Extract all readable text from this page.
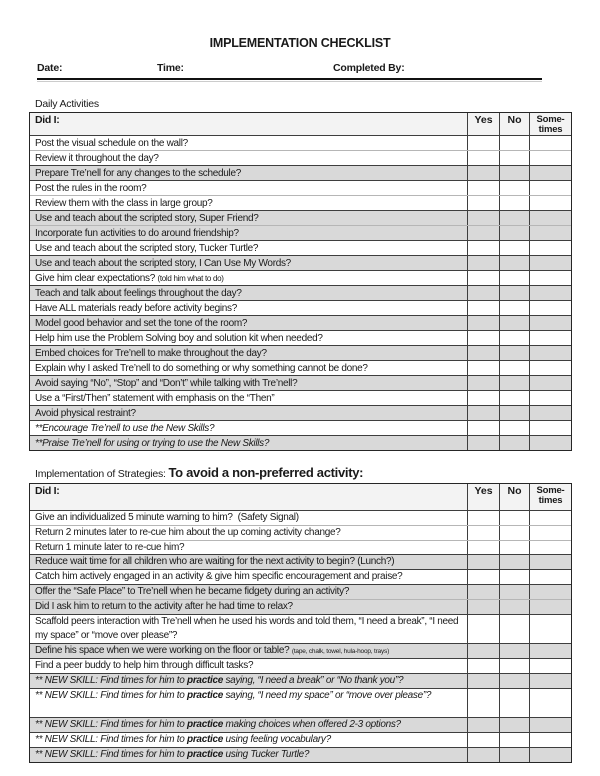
IMPLEMENTATION CHECKLIST
Date:	Time:	Completed By:
Daily Activities
Did I:	Yes	No	Some-
times
Post the visual schedule on the wall?
Review it throughout the day?
Prepare Tre’nell for any changes to the schedule?
Post the rules in the room?
Review them with the class in large group?
Use and teach about the scripted story, Super Friend?
Incorporate fun activities to do around friendship?
Use and teach about the scripted story, Tucker Turtle?
Use and teach about the scripted story, I Can Use My Words?
Give him clear expectations? (told him what to do)
Teach and talk about feelings throughout the day?
Have ALL materials ready before activity begins?
Model good behavior and set the tone of the room?
Help him use the Problem Solving boy and solution kit when needed?
Embed choices for Tre’nell to make throughout the day?
Explain why I asked Tre’nell to do something or why something cannot be done?
Avoid saying “No”, “Stop” and “Don’t” while talking with Tre’nell?
Use a “First/Then” statement with emphasis on the “Then”
Avoid physical restraint?
**Encourage Tre’nell to use the New Skills?
**Praise Tre’nell for using or trying to use the New Skills?
Implementation of Strategies: To avoid a non-preferred activity:
Did I:	Yes	No	Some-
times
Give an individualized 5 minute warning to him?  (Safety Signal)
Return 2 minutes later to re-cue him about the up coming activity change?
Return 1 minute later to re-cue him?
Reduce wait time for all children who are waiting for the next activity to begin? (Lunch?)
Catch him actively engaged in an activity & give him specific encouragement and praise?
Offer the “Safe Place” to Tre’nell when he became fidgety during an activity?
Did I ask him to return to the activity after he had time to relax?
Scaffold peers interaction with Tre’nell when he used his words and told them, “I need a break”, “I need my space” or “move over please”?
Define his space when we were working on the floor or table? (tape, chalk, towel, hula-hoop, trays)
Find a peer buddy to help him through difficult tasks?
** NEW SKILL: Find times for him to practice saying, “I need a break” or “No thank you”?
** NEW SKILL: Find times for him to practice saying, “I need my space” or “move over please”?
** NEW SKILL: Find times for him to practice making choices when offered 2-3 options?
** NEW SKILL: Find times for him to practice using feeling vocabulary?
** NEW SKILL: Find times for him to practice using Tucker Turtle?
